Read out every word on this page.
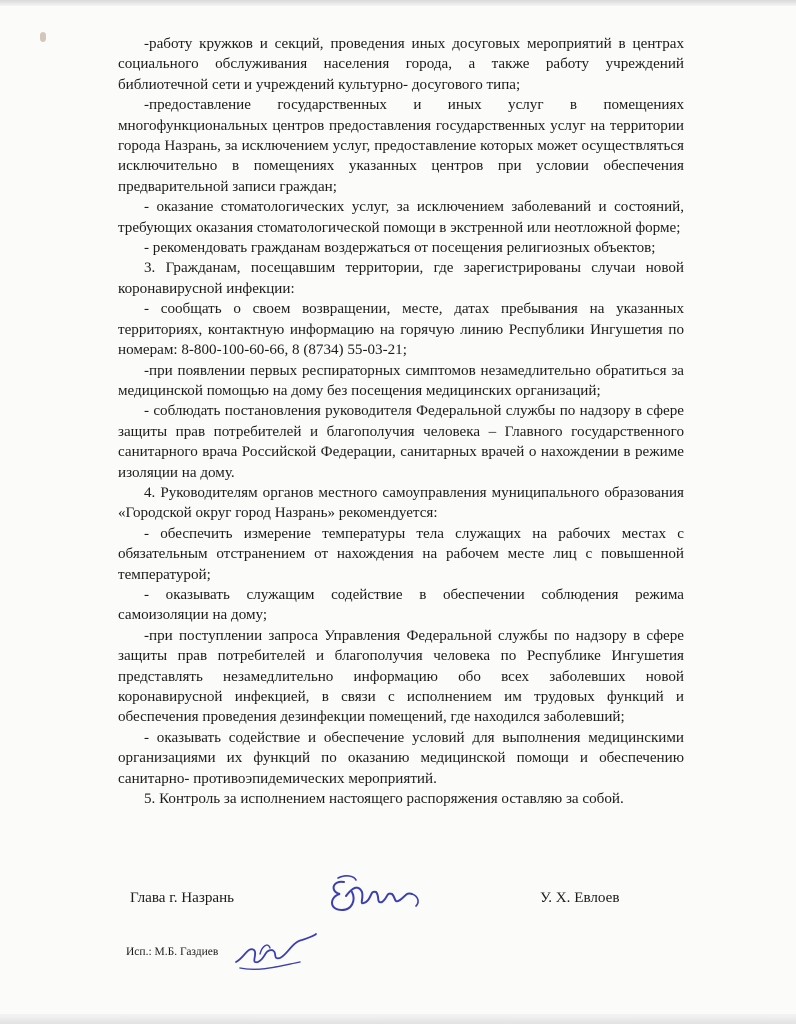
-работу кружков и секций, проведения иных досуговых мероприятий в центрах социального обслуживания населения города, а также работу учреждений библиотечной сети и учреждений культурно- досугового типа;

-предоставление государственных и иных услуг в помещениях многофункциональных центров предоставления государственных услуг на территории города Назрань, за исключением услуг, предоставление которых может осуществляться исключительно в помещениях указанных центров при условии обеспечения предварительной записи граждан;

- оказание стоматологических услуг, за исключением заболеваний и состояний, требующих оказания стоматологической помощи в экстренной или неотложной форме;

- рекомендовать гражданам воздержаться от посещения религиозных объектов;

3. Гражданам, посещавшим территории, где зарегистрированы случаи новой коронавирусной инфекции:

- сообщать о своем возвращении, месте, датах пребывания на указанных территориях, контактную информацию на горячую линию Республики Ингушетия по номерам: 8-800-100-60-66, 8 (8734) 55-03-21;

-при появлении первых респираторных симптомов незамедлительно обратиться за медицинской помощью на дому без посещения медицинских организаций;

- соблюдать постановления руководителя Федеральной службы по надзору в сфере защиты прав потребителей и благополучия человека – Главного государственного санитарного врача Российской Федерации, санитарных врачей о нахождении в режиме изоляции на дому.

4. Руководителям органов местного самоуправления муниципального образования «Городской округ город Назрань» рекомендуется:

- обеспечить измерение температуры тела служащих на рабочих местах с обязательным отстранением от нахождения на рабочем месте лиц с повышенной температурой;

- оказывать служащим содействие в обеспечении соблюдения режима самоизоляции на дому;

-при поступлении запроса Управления Федеральной службы по надзору в сфере защиты прав потребителей и благополучия человека по Республике Ингушетия представлять незамедлительно информацию обо всех заболевших новой коронавирусной инфекцией, в связи с исполнением им трудовых функций и обеспечения проведения дезинфекции помещений, где находился заболевший;

- оказывать содействие и обеспечение условий для выполнения медицинскими организациями их функций по оказанию медицинской помощи и обеспечению санитарно- противоэпидемических мероприятий.

5. Контроль за исполнением настоящего распоряжения оставляю за собой.

Глава г. Назрань	У. Х. Евлоев
Исп.: М.Б. Газдиев
